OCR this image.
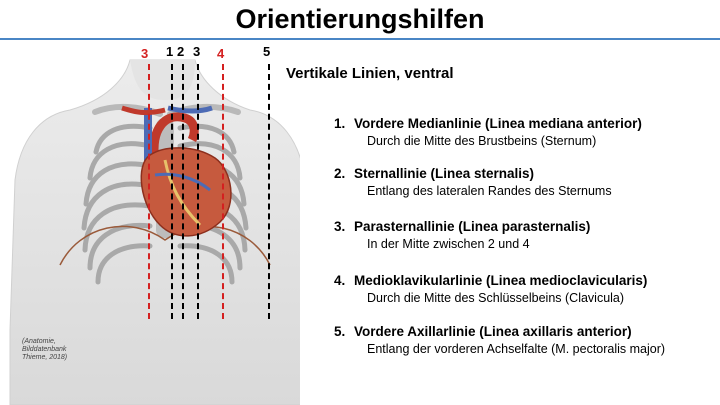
Orientierungshilfen
3 1 2 3 4	5
Vertikale Linien, ventral
1. Vordere Medianlinie (Linea mediana anterior)
Durch die Mitte des Brustbeins (Sternum)
2. Sternallinie (Linea sternalis)
Entlang des lateralen Randes des Sternums
3. Parasternallinie (Linea parasternalis)
In der Mitte zwischen 2 und 4
4. Medioklavikularlinie (Linea medioclavicularis)
Durch die Mitte des Schlüsselbeins (Clavicula)
5. Vordere Axillarlinie (Linea axillaris anterior)
Entlang der vorderen Achselfalte (M. pectoralis major)
(Anatomie,
Bilddatenbank
Thieme, 2018)
